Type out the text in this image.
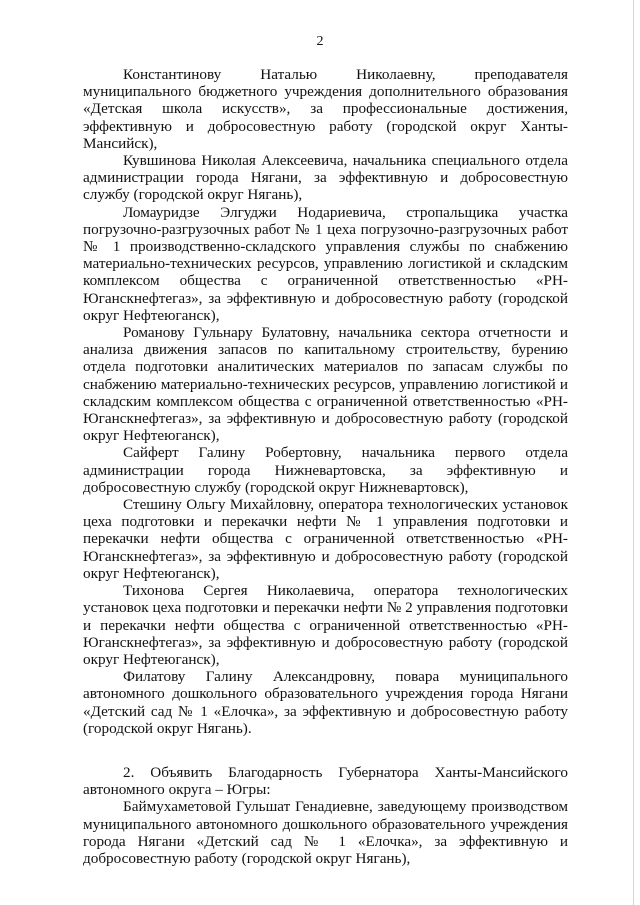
2

Константинову Наталью Николаевну, преподавателя муниципального бюджетного учреждения дополнительного образования «Детская школа искусств», за профессиональные достижения, эффективную и добросовестную работу (городской округ Ханты-Мансийск),

Кувшинова Николая Алексеевича, начальника специального отдела администрации города Нягани, за эффективную и добросовестную службу (городской округ Нягань),

Ломауридзе Элгуджи Нодариевича, стропальщика участка погрузочно-разгрузочных работ № 1 цеха погрузочно-разгрузочных работ № 1 производственно-складского управления службы по снабжению материально-технических ресурсов, управлению логистикой и складским комплексом общества с ограниченной ответственностью «РН-Юганскнефтегаз», за эффективную и добросовестную работу (городской округ Нефтеюганск),

Романову Гульнару Булатовну, начальника сектора отчетности и анализа движения запасов по капитальному строительству, бурению отдела подготовки аналитических материалов по запасам службы по снабжению материально-технических ресурсов, управлению логистикой и складским комплексом общества с ограниченной ответственностью «РН-Юганскнефтегаз», за эффективную и добросовестную работу (городской округ Нефтеюганск),

Сайферт Галину Робертовну, начальника первого отдела администрации города Нижневартовска, за эффективную и добросовестную службу (городской округ Нижневартовск),

Стешину Ольгу Михайловну, оператора технологических установок цеха подготовки и перекачки нефти № 1 управления подготовки и перекачки нефти общества с ограниченной ответственностью «РН-Юганскнефтегаз», за эффективную и добросовестную работу (городской округ Нефтеюганск),

Тихонова Сергея Николаевича, оператора технологических установок цеха подготовки и перекачки нефти № 2 управления подготовки и перекачки нефти общества с ограниченной ответственностью «РН-Юганскнефтегаз», за эффективную и добросовестную работу (городской округ Нефтеюганск),

Филатову Галину Александровну, повара муниципального автономного дошкольного образовательного учреждения города Нягани «Детский сад № 1 «Елочка», за эффективную и добросовестную работу (городской округ Нягань).

2. Объявить Благодарность Губернатора Ханты-Мансийского автономного округа – Югры:

Баймухаметовой Гульшат Генадиевне, заведующему производством муниципального автономного дошкольного образовательного учреждения города Нягани «Детский сад № 1 «Елочка», за эффективную и добросовестную работу (городской округ Нягань),
